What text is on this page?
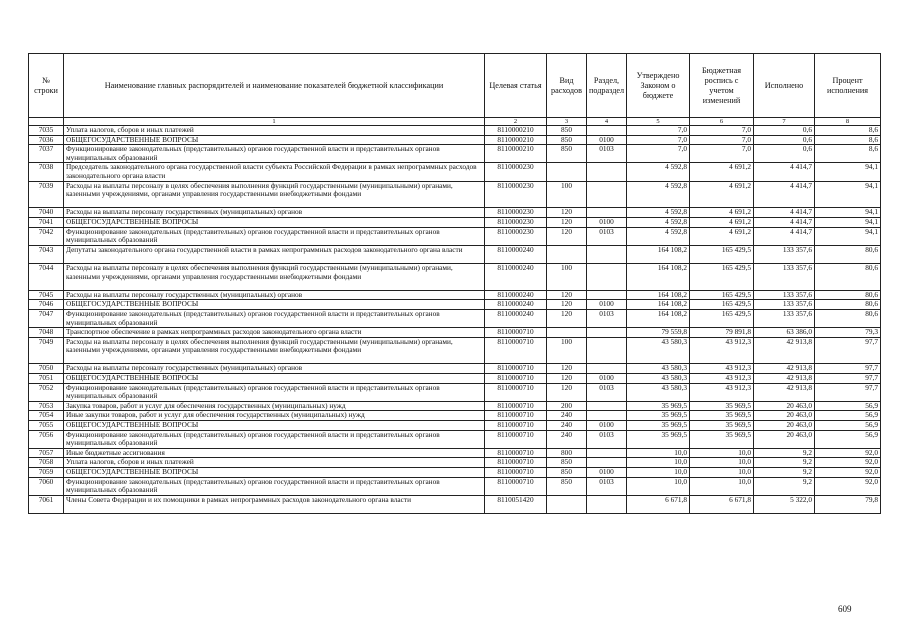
№ строки	Наименование главных распорядителей и наименование показателей бюджетной классификации	Целевая статья	Вид расходов	Раздел, подраздел	Утверждено Законом о бюджете	Бюджетная роспись с учетом изменений	Исполнено	Процент исполнения
	1	2	3	4	5	6	7	8
7035	Уплата налогов, сборов и иных платежей	8110000210	850		7,0	7,0	0,6	8,6
7036	ОБЩЕГОСУДАРСТВЕННЫЕ ВОПРОСЫ	8110000210	850	0100	7,0	7,0	0,6	8,6
7037	Функционирование законодательных (представительных) органов государственной власти и представительных органов муниципальных образований	8110000210	850	0103	7,0	7,0	0,6	8,6
7038	Председатель законодательного органа государственной власти субъекта Российской Федерации в рамках непрограммных расходов законодательного органа власти	8110000230			4 592,8	4 691,2	4 414,7	94,1
7039	Расходы на выплаты персоналу в целях обеспечения выполнения функций государственными (муниципальными) органами, казенными учреждениями, органами управления государственными внебюджетными фондами	8110000230	100		4 592,8	4 691,2	4 414,7	94,1
7040	Расходы на выплаты персоналу государственных (муниципальных) органов	8110000230	120		4 592,8	4 691,2	4 414,7	94,1
7041	ОБЩЕГОСУДАРСТВЕННЫЕ ВОПРОСЫ	8110000230	120	0100	4 592,8	4 691,2	4 414,7	94,1
7042	Функционирование законодательных (представительных) органов государственной власти и представительных органов муниципальных образований	8110000230	120	0103	4 592,8	4 691,2	4 414,7	94,1
7043	Депутаты законодательного органа государственной власти в рамках непрограммных расходов законодательного органа власти	8110000240			164 108,2	165 429,5	133 357,6	80,6
7044	Расходы на выплаты персоналу в целях обеспечения выполнения функций государственными (муниципальными) органами, казенными учреждениями, органами управления государственными внебюджетными фондами	8110000240	100		164 108,2	165 429,5	133 357,6	80,6
7045	Расходы на выплаты персоналу государственных (муниципальных) органов	8110000240	120		164 108,2	165 429,5	133 357,6	80,6
7046	ОБЩЕГОСУДАРСТВЕННЫЕ ВОПРОСЫ	8110000240	120	0100	164 108,2	165 429,5	133 357,6	80,6
7047	Функционирование законодательных (представительных) органов государственной власти и представительных органов муниципальных образований	8110000240	120	0103	164 108,2	165 429,5	133 357,6	80,6
7048	Транспортное обеспечение в рамках непрограммных расходов законодательного органа власти	8110000710			79 559,8	79 891,8	63 386,0	79,3
7049	Расходы на выплаты персоналу в целях обеспечения выполнения функций государственными (муниципальными) органами, казенными учреждениями, органами управления государственными внебюджетными фондами	8110000710	100		43 580,3	43 912,3	42 913,8	97,7
7050	Расходы на выплаты персоналу государственных (муниципальных) органов	8110000710	120		43 580,3	43 912,3	42 913,8	97,7
7051	ОБЩЕГОСУДАРСТВЕННЫЕ ВОПРОСЫ	8110000710	120	0100	43 580,3	43 912,3	42 913,8	97,7
7052	Функционирование законодательных (представительных) органов государственной власти и представительных органов муниципальных образований	8110000710	120	0103	43 580,3	43 912,3	42 913,8	97,7
7053	Закупка товаров, работ и услуг для обеспечения государственных (муниципальных) нужд	8110000710	200		35 969,5	35 969,5	20 463,0	56,9
7054	Иные закупки товаров, работ и услуг для обеспечения государственных (муниципальных) нужд	8110000710	240		35 969,5	35 969,5	20 463,0	56,9
7055	ОБЩЕГОСУДАРСТВЕННЫЕ ВОПРОСЫ	8110000710	240	0100	35 969,5	35 969,5	20 463,0	56,9
7056	Функционирование законодательных (представительных) органов государственной власти и представительных органов муниципальных образований	8110000710	240	0103	35 969,5	35 969,5	20 463,0	56,9
7057	Иные бюджетные ассигнования	8110000710	800		10,0	10,0	9,2	92,0
7058	Уплата налогов, сборов и иных платежей	8110000710	850		10,0	10,0	9,2	92,0
7059	ОБЩЕГОСУДАРСТВЕННЫЕ ВОПРОСЫ	8110000710	850	0100	10,0	10,0	9,2	92,0
7060	Функционирование законодательных (представительных) органов государственной власти и представительных органов муниципальных образований	8110000710	850	0103	10,0	10,0	9,2	92,0
7061	Члены Совета Федерации и их помощники в рамках непрограммных расходов законодательного органа власти	8110051420			6 671,8	6 671,8	5 322,0	79,8
609
